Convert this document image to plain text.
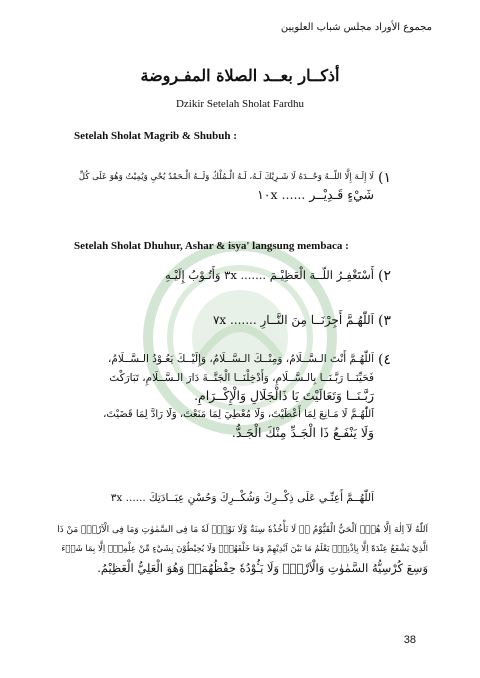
مجموع الأوراد مجلس شباب العلويين
أذكــار بعــد الصلاة المفـروضة
Dzikir Setelah Sholat Fardhu
Setelah Sholat Magrib & Shubuh :
١)
لَا إِلَـهَ إِلَّا اللّــهُ وَحْــدَهُ لَا شَـرِيْكَ لَـهُ، لَـهُ الْـمُلْكُ وَلَــهُ الْـحَمْدُ يُحْيِ وَيُمِيْتُ وَهُوَ عَلَى كُلِّ
شَيْءٍ قَـدِيْــر ...... ١٠x
Setelah Sholat Dhuhur, Ashar & isya' langsung membaca :
٢)
أَسْتَغْفِـرُ اللّــهَ الْعَظِيْـمَ ....... ٣x وَأَتُـوْبُ إِلَيْـهِ
٣)
اَللّٰهُـمَّ أَجِرْنَــا مِنَ النَّــارِ ....... ٧x
٤)
اَللّٰهُـمَّ أَنْتَ الـسَّــلَامُ، وَمِنْــكَ الـسَّــلَامُ، وَإِلَيْــكَ يَعُـوْدُ الـسَّــلَامُ،
فَحَيِّنَــا رَبَّـنَــا بِالـسَّــلَامِ، وَأَدْخِلْنَــا الْجَنَّــةَ دَارَ الـسَّــلَامِ، تَبَارَكْتَ
رَبَّـنَــا وَتَعَالَيْتَ يَا ذَالْجَلَالِ وَالْإِكْــرَامِ.
اَللّٰهُـمَّ لَا مَـانِعَ لِمَا أَعْطَيْتَ، وَلَا مُعْطِيَ لِمَا مَنَعْتَ، وَلَا رَادَّ لِمَا قَضَيْتَ،
وَلَا يَنْفَـعُ ذَا الْجَـدِّ مِنْكَ الْجَـدُّ.
اَللّٰهُــمَّ أَعِنِّـي عَلَى ذِكْــرِكَ وَشُكْــرِكَ وَحُسْنِ عِبَــادَتِكَ ...... ٣x
اَللّٰهُ لَآ اِلٰهَ اِلَّا هُوَۚ اَلْحَيُّ الْقَيُّوْمُ ەۚ لَا تَأْخُذُهٗ سِنَةٌ وَّلَا نَوْمٌۗ لَهٗ مَا فِى السَّمٰوٰتِ وَمَا فِى الْاَرْضِۗ مَنْ ذَا
الَّذِيْ يَشْفَعُ عِنْدَهٗٓ اِلَّا بِاِذْنِهٖۗ يَعْلَمُ مَا بَيْنَ اَيْدِيْهِمْ وَمَا خَلْفَهُمْۚ وَلَا يُحِيْطُوْنَ بِشَيْءٍ مِّنْ عِلْمِهٖٓ اِلَّا بِمَا شَاۤءَ
وَسِعَ كُرْسِيُّهُ السَّمٰوٰتِ وَالْاَرْضَۚ وَلَا يَـُٔوْدُهٗ حِفْظُهُمَاۚ وَهُوَ الْعَلِيُّ الْعَظِيْمُ.
38
